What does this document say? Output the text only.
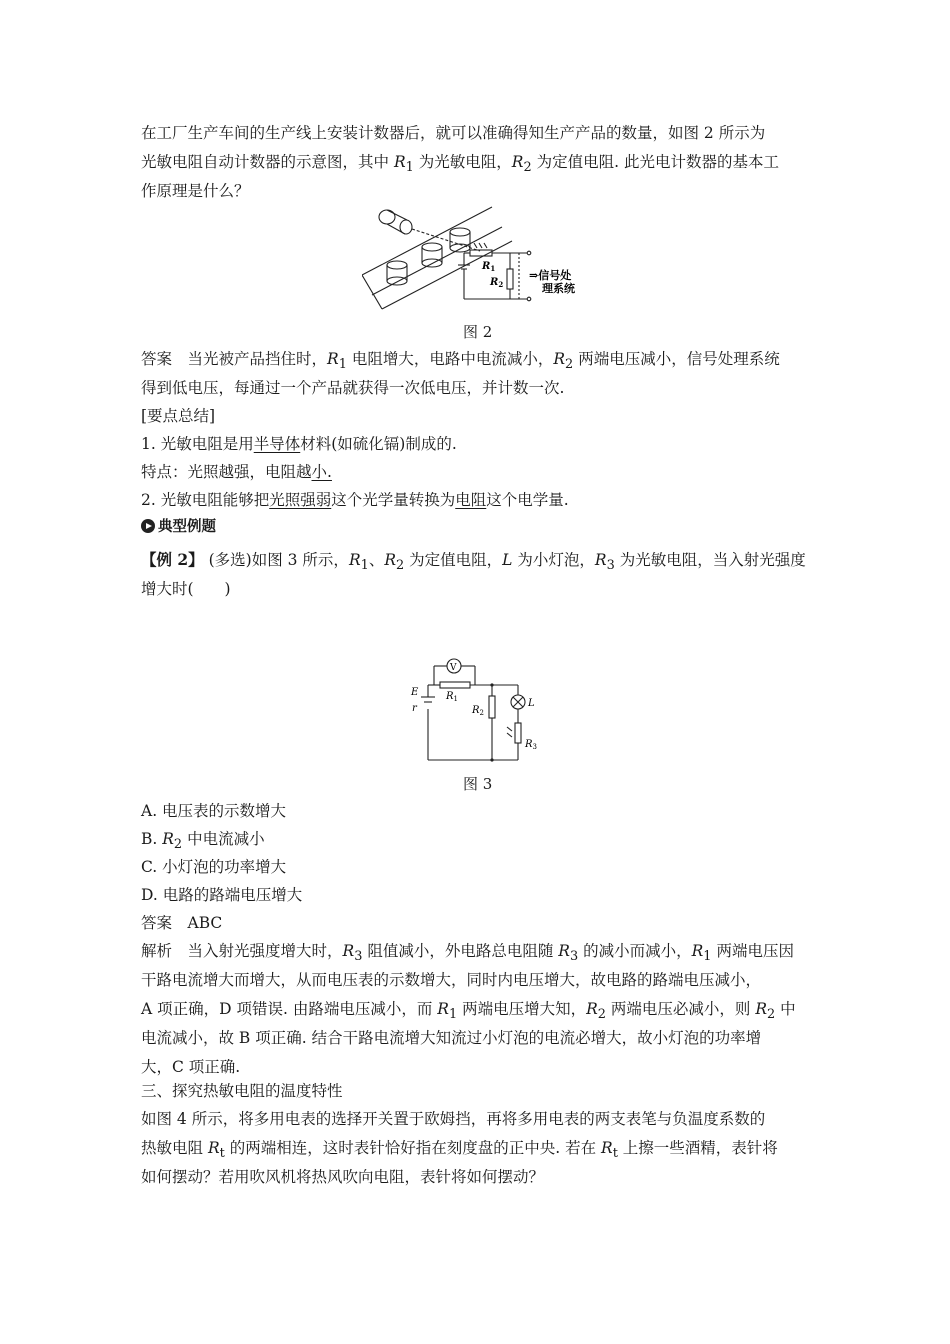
在工厂生产车间的生产线上安装计数器后，就可以准确得知生产产品的数量，如图 2 所示为
光敏电阻自动计数器的示意图，其中 $R_1$ 为光敏电阻，$R_2$ 为定值电阻. 此光电计数器的基本工
作原理是什么？
$R_1$
$R_2$
⇒信号处
理系统
图 2
答案　 当光被产品挡住时，$R_1$ 电阻增大，电路中电流减小，$R_2$ 两端电压减小，信号处理系统
得到低电压，每通过一个产品就获得一次低电压，并计数一次.
[要点总结]
1. 光敏电阻是用半导体材料(如硫化镉)制成的.
特点：光照越强，电阻越小.
2. 光敏电阻能够把光照强弱这个光学量转换为电阻这个电学量.
典型例题
【例 2】 (多选)如图 3 所示，$R_1$、$R_2$ 为定值电阻，L 为小灯泡，$R_3$ 为光敏电阻，当入射光强度
增大时(　　)
V
E
r
$R_1$
$R_2$
L
$R_3$
图 3
A. 电压表的示数增大
B. $R_2$ 中电流减小
C. 小灯泡的功率增大
D. 电路的路端电压增大
答案　 ABC
解析　 当入射光强度增大时，$R_3$ 阻值减小，外电路总电阻随 $R_3$ 的减小而减小，$R_1$ 两端电压因
干路电流增大而增大，从而电压表的示数增大，同时内电压增大，故电路的路端电压减小，
A 项正确，D 项错误. 由路端电压减小，而 $R_1$ 两端电压增大知，$R_2$ 两端电压必减小，则 $R_2$ 中
电流减小，故 B 项正确. 结合干路电流增大知流过小灯泡的电流必增大，故小灯泡的功率增
大，C 项正确.
三、探究热敏电阻的温度特性
如图 4 所示，将多用电表的选择开关置于欧姆挡，再将多用电表的两支表笔与负温度系数的
热敏电阻 $R_t$ 的两端相连，这时表针恰好指在刻度盘的正中央. 若在 $R_t$ 上擦一些酒精，表针将
如何摆动？若用吹风机将热风吹向电阻，表针将如何摆动？
